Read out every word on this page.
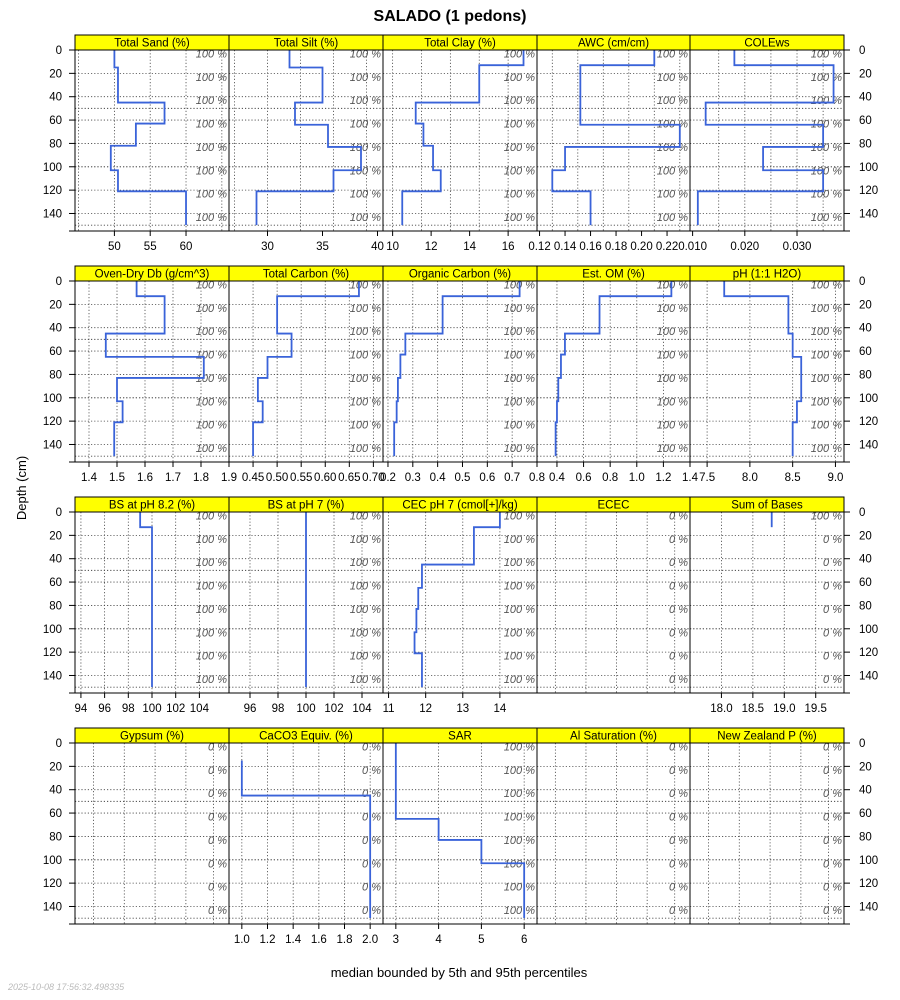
SALADO (1 pedons)
Depth (cm)
median bounded by 5th and 95th percentiles
2025-10-08 17:56:32.498335
Total Sand (%)
100 %
100 %
100 %
100 %
100 %
100 %
100 %
100 %
50 55 60
Total Silt (%)
100 %
100 %
100 %
100 %
100 %
100 %
100 %
100 %
30	35	40
Total Clay (%)
100 %
100 %
100 %
100 %
100 %
100 %
100 %
100 %
10 12 14 16
AWC (cm/cm)
100 %
100 %
100 %
100 %
100 %
100 %
100 %
100 %
0.12 0.14 0.16 0.18 0.20 0.22
COLEws
100 %
100 %
100 %
100 %
100 %
100 %
100 %
100 %
0.010 0.020 0.030
0	0
20	20
40	40
60	60
80	80
100	100
120	120
140	140
Oven-Dry Db (g/cm^3)
100 %
100 %
100 %
100 %
100 %
100 %
100 %
100 %
1.4 1.5 1.6 1.7 1.8 1.9
Total Carbon (%)
100 %
100 %
100 %
100 %
100 %
100 %
100 %
100 %
0.45 0.50 0.55 0.60 0.65 0.70
Organic Carbon (%)
100 %
100 %
100 %
100 %
100 %
100 %
100 %
100 %
0.2 0.3 0.4 0.5 0.6 0.7 0.8
Est. OM (%)
100 %
100 %
100 %
100 %
100 %
100 %
100 %
100 %
0.4 0.6 0.8 1.0 1.2 1.4
pH (1:1 H2O)
100 %
100 %
100 %
100 %
100 %
100 %
100 %
100 %
7.5 8.0 8.5 9.0
0	0
20	20
40	40
60	60
80	80
100	100
120	120
140	140
BS at pH 8.2 (%)
100 %
100 %
100 %
100 %
100 %
100 %
100 %
100 %
94 96 98 100 102 104
BS at pH 7 (%)
100 %
100 %
100 %
100 %
100 %
100 %
100 %
100 %
96 98 100 102 104
CEC pH 7 (cmol[+]/kg)
100 %
100 %
100 %
100 %
100 %
100 %
100 %
100 %
11 12 13 14
ECEC
0 %
0 %
0 %
0 %
0 %
0 %
0 %
0 %
Sum of Bases
100 %
0 %
0 %
0 %
0 %
0 %
0 %
0 %
18.0 18.5 19.0 19.5
0	0
20	20
40	40
60	60
80	80
100	100
120	120
140	140
Gypsum (%)
0 %
0 %
0 %
0 %
0 %
0 %
0 %
0 %
CaCO3 Equiv. (%)
0 %
0 %
0 %
0 %
0 %
0 %
0 %
0 %
1.0 1.2 1.4 1.6 1.8 2.0
SAR
100 %
100 %
100 %
100 %
100 %
100 %
100 %
100 %
3	4	5	6
Al Saturation (%)
0 %
0 %
0 %
0 %
0 %
0 %
0 %
0 %
New Zealand P (%)
0 %
0 %
0 %
0 %
0 %
0 %
0 %
0 %
0	0
20	20
40	40
60	60
80	80
100	100
120	120
140	140
